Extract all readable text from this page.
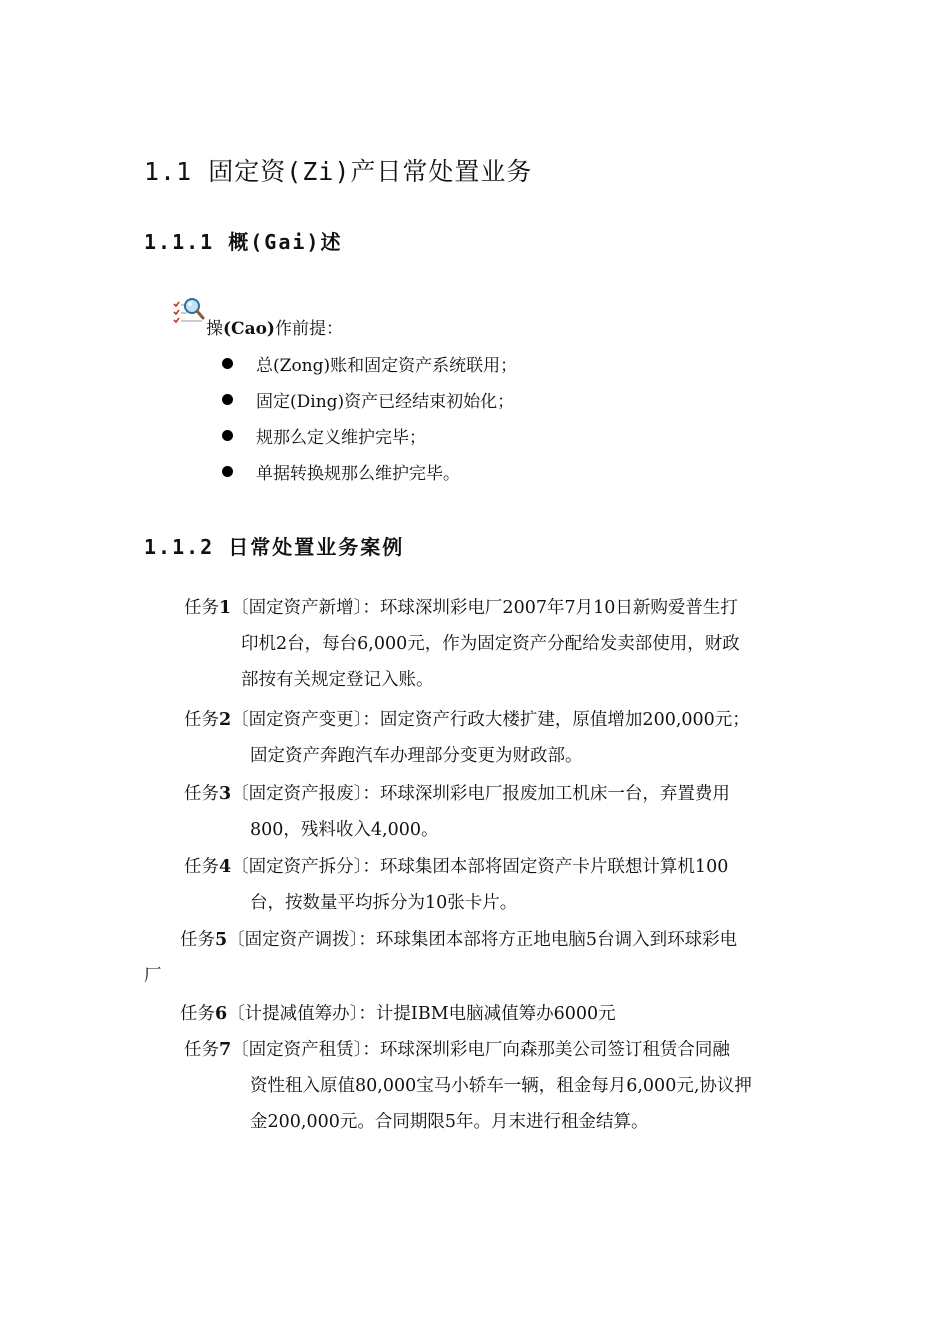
1.1 固定资(Zi)产日常处置业务
1.1.1 概(Gai)述
操(Cao)作前提：
总(Zong)账和固定资产系统联用；
固定(Ding)资产已经结束初始化；
规那么定义维护完毕；
单据转换规那么维护完毕。
1.1.2 日常处置业务案例
任务1〔固定资产新增〕：环球深圳彩电厂2007年7月10日新购爱普生打
印机2台，每台6,000元，作为固定资产分配给发卖部使用，财政
部按有关规定登记入账。
任务2〔固定资产变更〕：固定资产行政大楼扩建，原值增加200,000元；
固定资产奔跑汽车办理部分变更为财政部。
任务3〔固定资产报废〕：环球深圳彩电厂报废加工机床一台，弃置费用
800，残料收入4,000。
任务4〔固定资产拆分〕：环球集团本部将固定资产卡片联想计算机100
台，按数量平均拆分为10张卡片。
任务5〔固定资产调拨〕：环球集团本部将方正地电脑5台调入到环球彩电
厂
任务6〔计提减值筹办〕：计提IBM电脑减值筹办6000元
任务7〔固定资产租赁〕：环球深圳彩电厂向森那美公司签订租赁合同融
资性租入原值80,000宝马小轿车一辆，租金每月6,000元,协议押
金200,000元。合同期限5年。月末进行租金结算。
